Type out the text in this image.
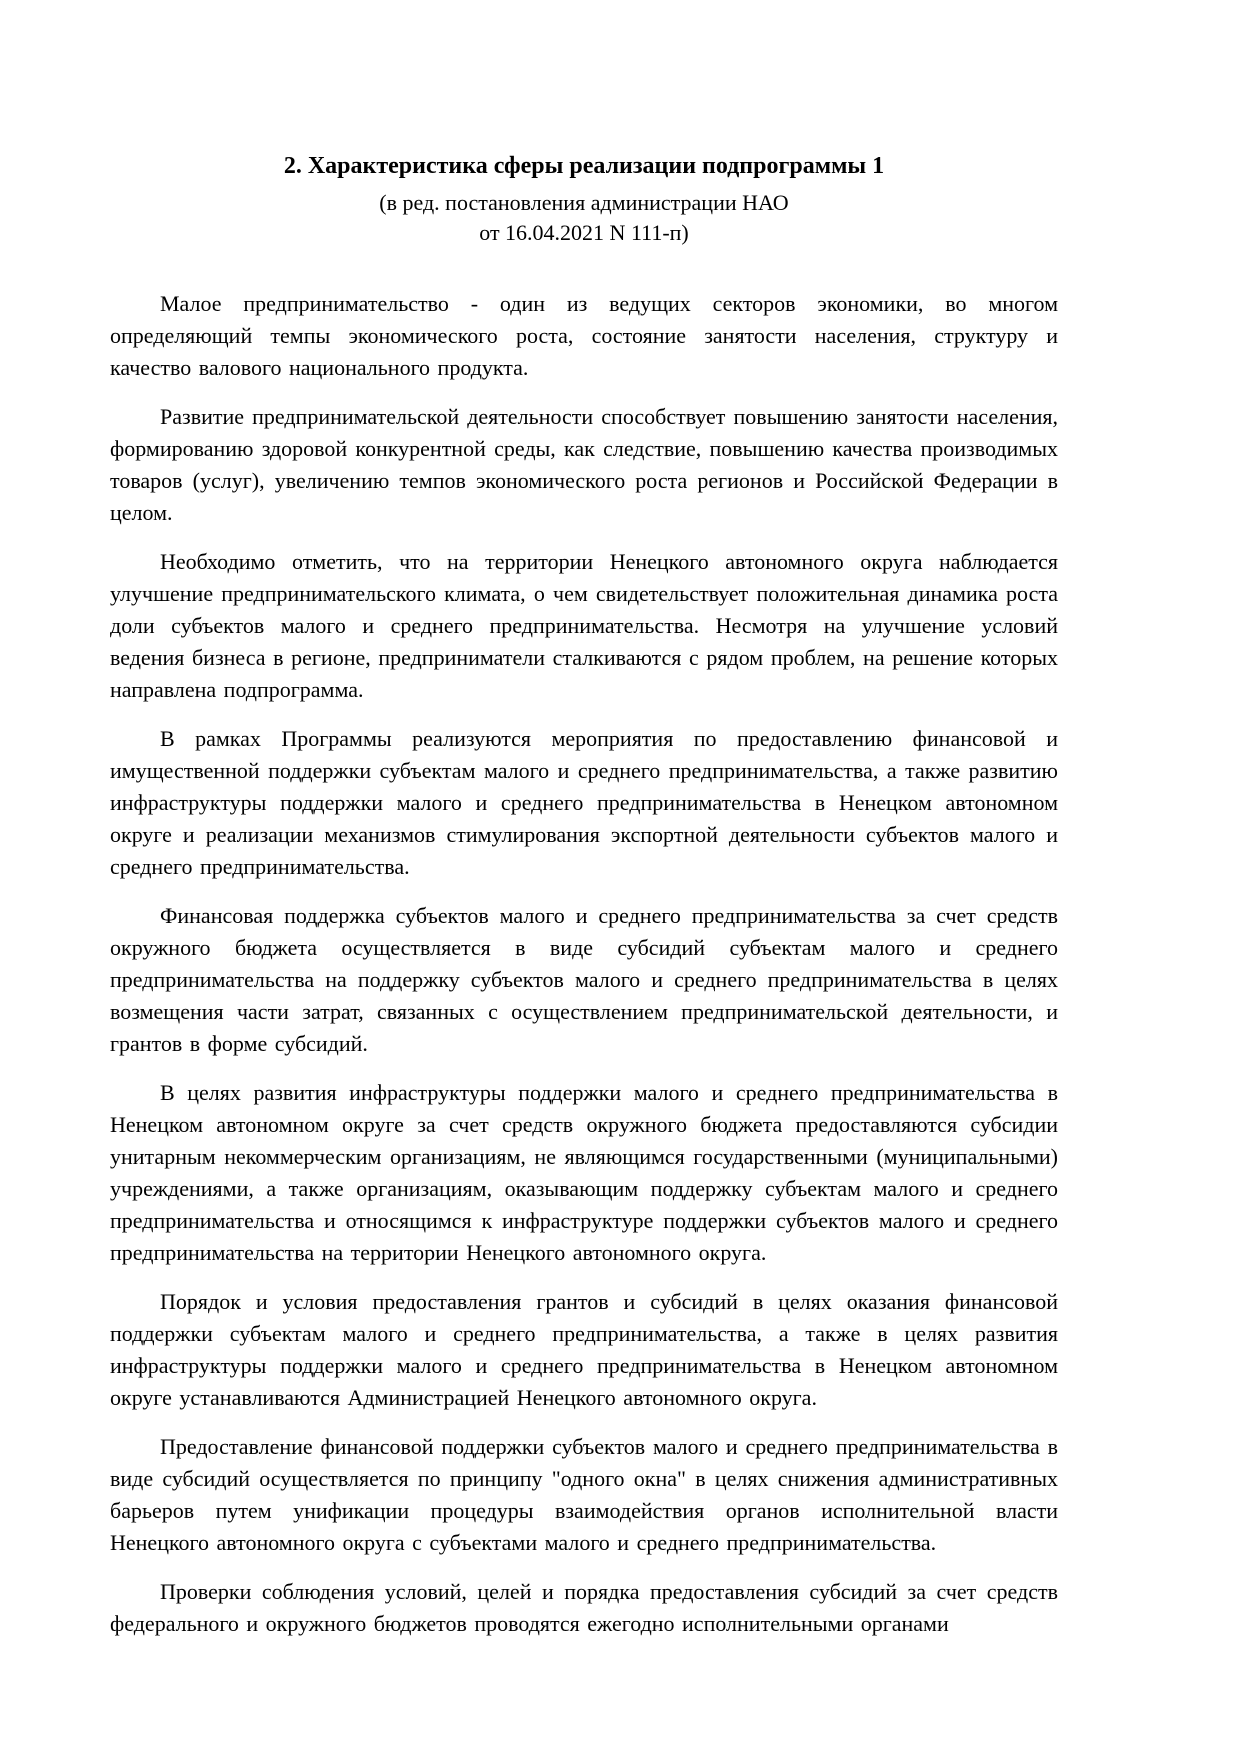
2. Характеристика сферы реализации подпрограммы 1
(в ред. постановления администрации НАО
от 16.04.2021 N 111-п)

Малое предпринимательство - один из ведущих секторов экономики, во многом определяющий темпы экономического роста, состояние занятости населения, структуру и качество валового национального продукта.

Развитие предпринимательской деятельности способствует повышению занятости населения, формированию здоровой конкурентной среды, как следствие, повышению качества производимых товаров (услуг), увеличению темпов экономического роста регионов и Российской Федерации в целом.

Необходимо отметить, что на территории Ненецкого автономного округа наблюдается улучшение предпринимательского климата, о чем свидетельствует положительная динамика роста доли субъектов малого и среднего предпринимательства. Несмотря на улучшение условий ведения бизнеса в регионе, предприниматели сталкиваются с рядом проблем, на решение которых направлена подпрограмма.

В рамках Программы реализуются мероприятия по предоставлению финансовой и имущественной поддержки субъектам малого и среднего предпринимательства, а также развитию инфраструктуры поддержки малого и среднего предпринимательства в Ненецком автономном округе и реализации механизмов стимулирования экспортной деятельности субъектов малого и среднего предпринимательства.

Финансовая поддержка субъектов малого и среднего предпринимательства за счет средств окружного бюджета осуществляется в виде субсидий субъектам малого и среднего предпринимательства на поддержку субъектов малого и среднего предпринимательства в целях возмещения части затрат, связанных с осуществлением предпринимательской деятельности, и грантов в форме субсидий.

В целях развития инфраструктуры поддержки малого и среднего предпринимательства в Ненецком автономном округе за счет средств окружного бюджета предоставляются субсидии унитарным некоммерческим организациям, не являющимся государственными (муниципальными) учреждениями, а также организациям, оказывающим поддержку субъектам малого и среднего предпринимательства и относящимся к инфраструктуре поддержки субъектов малого и среднего предпринимательства на территории Ненецкого автономного округа.

Порядок и условия предоставления грантов и субсидий в целях оказания финансовой поддержки субъектам малого и среднего предпринимательства, а также в целях развития инфраструктуры поддержки малого и среднего предпринимательства в Ненецком автономном округе устанавливаются Администрацией Ненецкого автономного округа.

Предоставление финансовой поддержки субъектов малого и среднего предпринимательства в виде субсидий осуществляется по принципу "одного окна" в целях снижения административных барьеров путем унификации процедуры взаимодействия органов исполнительной власти Ненецкого автономного округа с субъектами малого и среднего предпринимательства.

Проверки соблюдения условий, целей и порядка предоставления субсидий за счет средств федерального и окружного бюджетов проводятся ежегодно исполнительными органами
